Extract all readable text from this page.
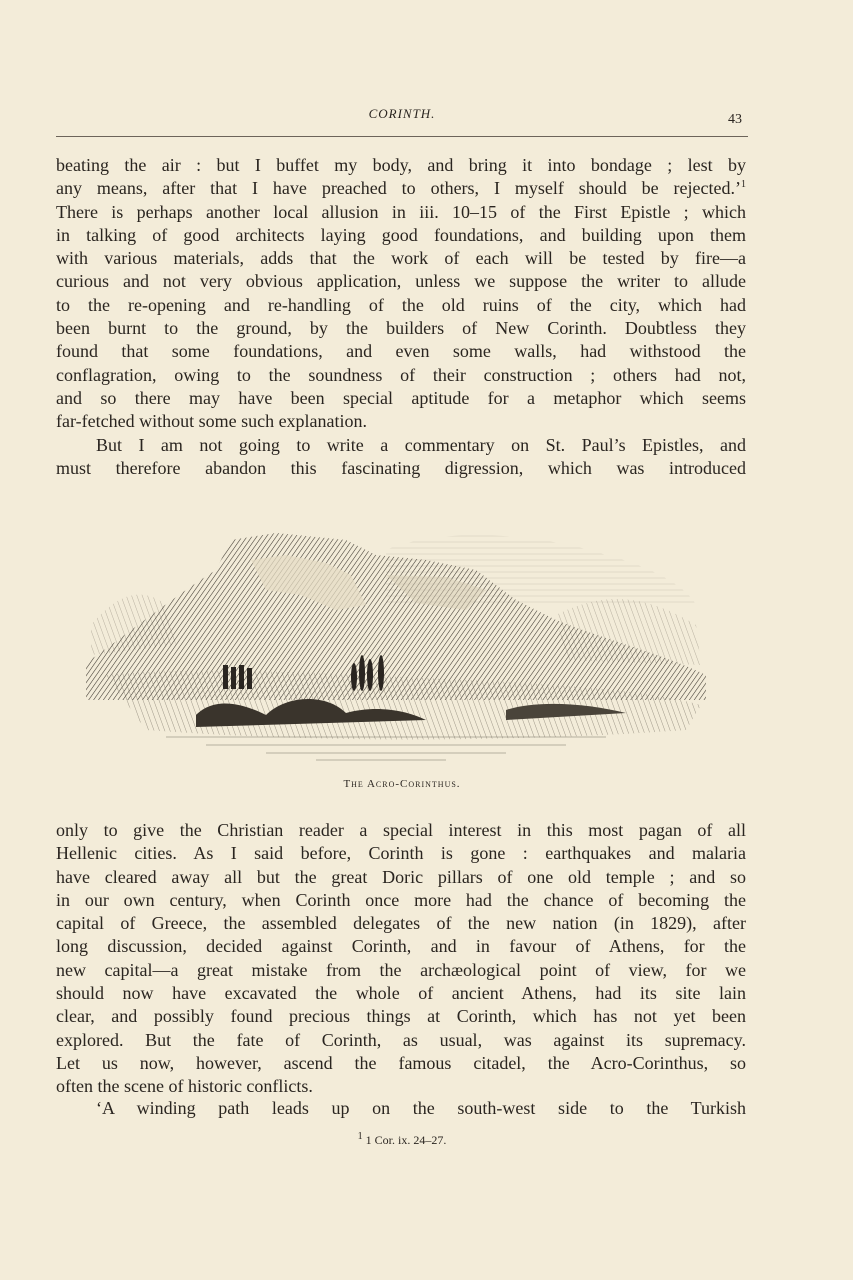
CORINTH.	43
beating the air : but I buffet my body, and bring it into bondage ; lest by
any means, after that I have preached to others, I myself should be rejected.’$^1$
There is perhaps another local allusion in iii. 10–15 of the First Epistle ; which
in talking of good architects laying good foundations, and building upon them
with various materials, adds that the work of each will be tested by fire—a
curious and not very obvious application, unless we suppose the writer to allude
to the re-opening and re-handling of the old ruins of the city, which had
been burnt to the ground, by the builders of New Corinth. Doubtless they
found that some foundations, and even some walls, had withstood the
conflagration, owing to the soundness of their construction ; others had not,
and so there may have been special aptitude for a metaphor which seems
far-fetched without some such explanation.
But I am not going to write a commentary on St. Paul’s Epistles, and
must therefore abandon this fascinating digression, which was introduced
The Acro-Corinthus.
only to give the Christian reader a special interest in this most pagan of all
Hellenic cities. As I said before, Corinth is gone : earthquakes and malaria
have cleared away all but the great Doric pillars of one old temple ; and so
in our own century, when Corinth once more had the chance of becoming the
capital of Greece, the assembled delegates of the new nation (in 1829), after
long discussion, decided against Corinth, and in favour of Athens, for the
new capital—a great mistake from the archæological point of view, for we
should now have excavated the whole of ancient Athens, had its site lain
clear, and possibly found precious things at Corinth, which has not yet been
explored. But the fate of Corinth, as usual, was against its supremacy.
Let us now, however, ascend the famous citadel, the Acro-Corinthus, so
often the scene of historic conflicts.
‘A winding path leads up on the south-west side to the Turkish
$^1$ 1 Cor. ix. 24–27.
